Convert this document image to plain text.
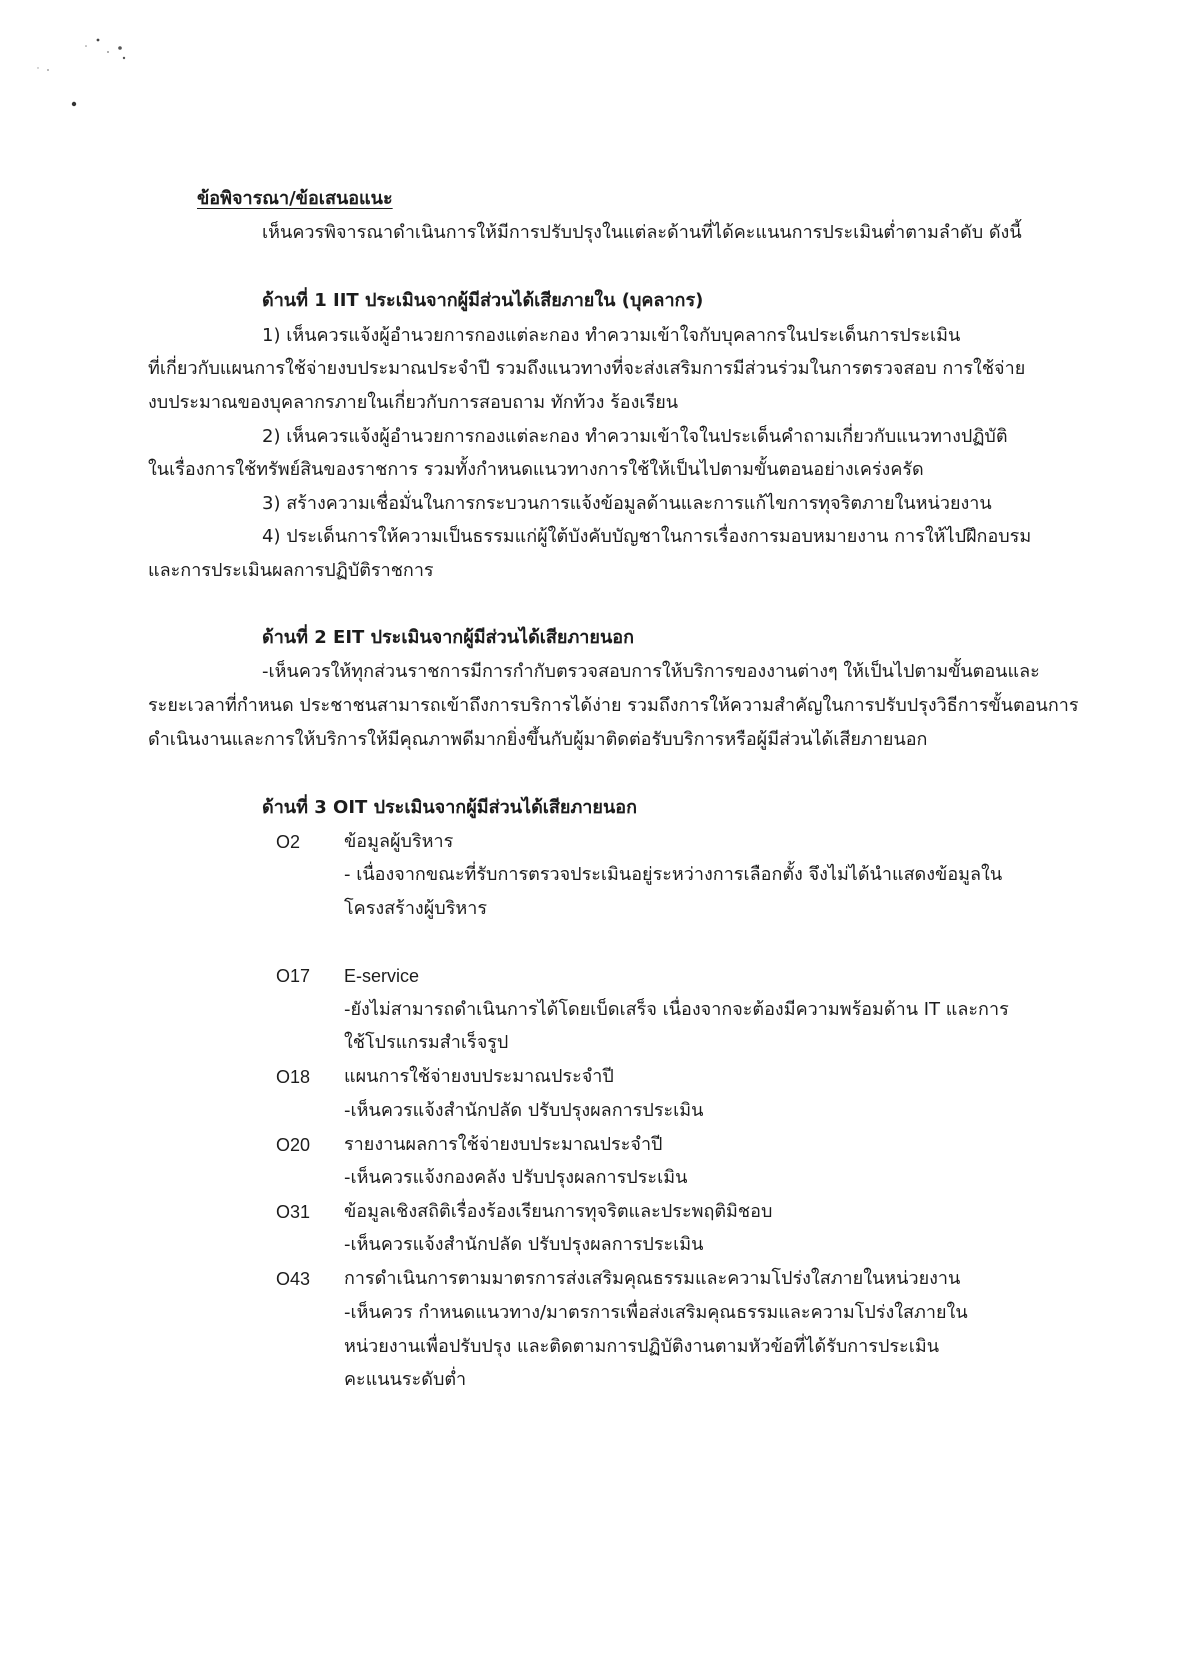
ข้อพิจารณา/ข้อเสนอแนะ
เห็นควรพิจารณาดำเนินการให้มีการปรับปรุงในแต่ละด้านที่ได้คะแนนการประเมินต่ำตามลำดับ ดังนี้
ด้านที่ 1 IIT ประเมินจากผู้มีส่วนได้เสียภายใน (บุคลากร)
1) เห็นควรแจ้งผู้อำนวยการกองแต่ละกอง ทำความเข้าใจกับบุคลากรในประเด็นการประเมิน
ที่เกี่ยวกับแผนการใช้จ่ายงบประมาณประจำปี รวมถึงแนวทางที่จะส่งเสริมการมีส่วนร่วมในการตรวจสอบ การใช้จ่าย
งบประมาณของบุคลากรภายในเกี่ยวกับการสอบถาม ทักท้วง ร้องเรียน
2) เห็นควรแจ้งผู้อำนวยการกองแต่ละกอง ทำความเข้าใจในประเด็นคำถามเกี่ยวกับแนวทางปฏิบัติ
ในเรื่องการใช้ทรัพย์สินของราชการ รวมทั้งกำหนดแนวทางการใช้ให้เป็นไปตามขั้นตอนอย่างเคร่งครัด
3) สร้างความเชื่อมั่นในการกระบวนการแจ้งข้อมูลด้านและการแก้ไขการทุจริตภายในหน่วยงาน
4) ประเด็นการให้ความเป็นธรรมแก่ผู้ใต้บังคับบัญชาในการเรื่องการมอบหมายงาน การให้ไปฝึกอบรม
และการประเมินผลการปฏิบัติราชการ
ด้านที่ 2 EIT ประเมินจากผู้มีส่วนได้เสียภายนอก
-เห็นควรให้ทุกส่วนราชการมีการกำกับตรวจสอบการให้บริการของงานต่างๆ ให้เป็นไปตามขั้นตอนและ
ระยะเวลาที่กำหนด ประชาชนสามารถเข้าถึงการบริการได้ง่าย รวมถึงการให้ความสำคัญในการปรับปรุงวิธีการขั้นตอนการ
ดำเนินงานและการให้บริการให้มีคุณภาพดีมากยิ่งขึ้นกับผู้มาติดต่อรับบริการหรือผู้มีส่วนได้เสียภายนอก
ด้านที่ 3 OIT ประเมินจากผู้มีส่วนได้เสียภายนอก
O2 ข้อมูลผู้บริหาร
- เนื่องจากขณะที่รับการตรวจประเมินอยู่ระหว่างการเลือกตั้ง จึงไม่ได้นำแสดงข้อมูลใน
โครงสร้างผู้บริหาร
O17 E-service
-ยังไม่สามารถดำเนินการได้โดยเบ็ดเสร็จ เนื่องจากจะต้องมีความพร้อมด้าน IT และการ
ใช้โปรแกรมสำเร็จรูป
O18 แผนการใช้จ่ายงบประมาณประจำปี
-เห็นควรแจ้งสำนักปลัด ปรับปรุงผลการประเมิน
O20 รายงานผลการใช้จ่ายงบประมาณประจำปี
-เห็นควรแจ้งกองคลัง ปรับปรุงผลการประเมิน
O31 ข้อมูลเชิงสถิติเรื่องร้องเรียนการทุจริตและประพฤติมิชอบ
-เห็นควรแจ้งสำนักปลัด ปรับปรุงผลการประเมิน
O43 การดำเนินการตามมาตรการส่งเสริมคุณธรรมและความโปร่งใสภายในหน่วยงาน
-เห็นควร กำหนดแนวทาง/มาตรการเพื่อส่งเสริมคุณธรรมและความโปร่งใสภายใน
หน่วยงานเพื่อปรับปรุง และติดตามการปฏิบัติงานตามหัวข้อที่ได้รับการประเมิน
คะแนนระดับต่ำ
